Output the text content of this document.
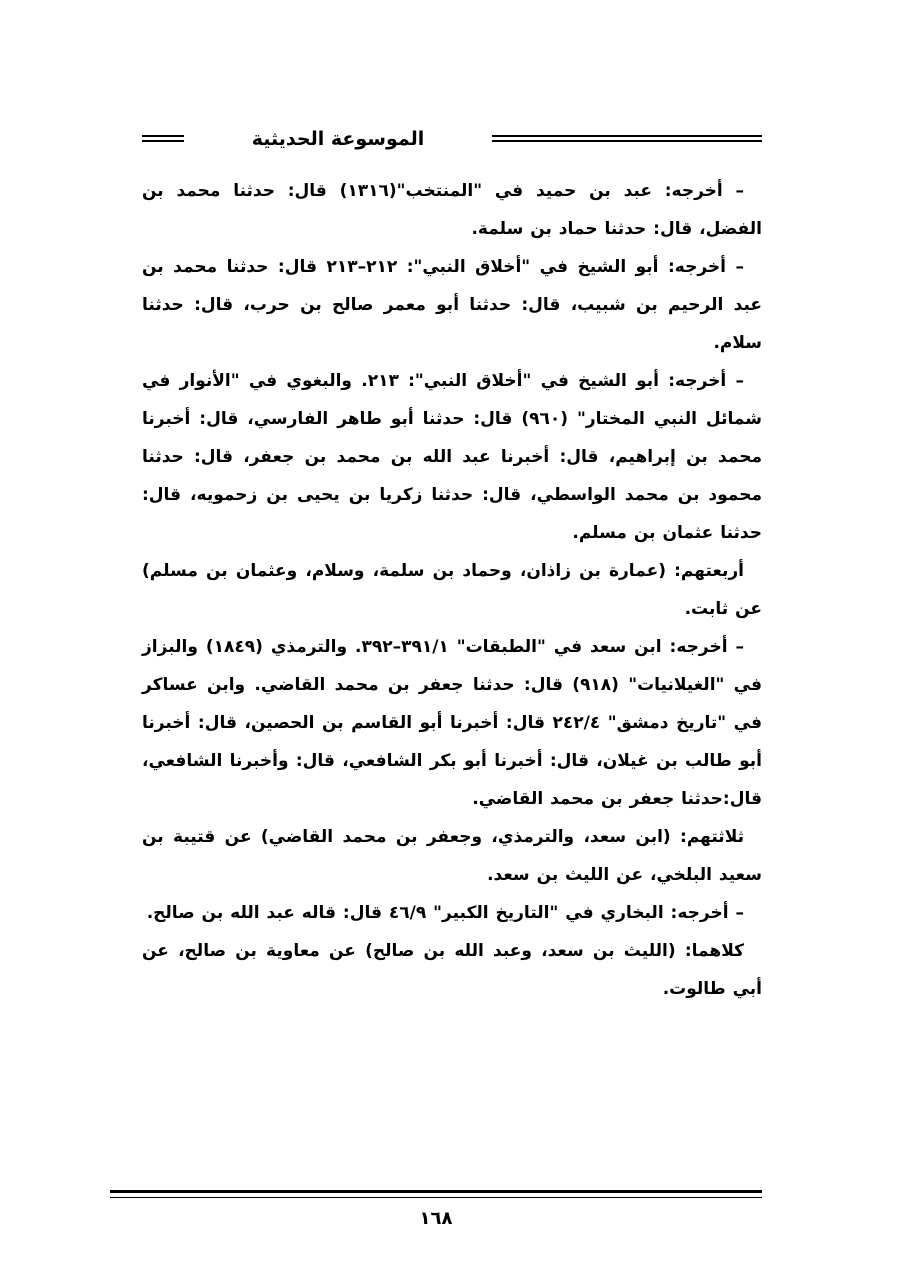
الموسوعة الحديثية

– أخرجه: عبد بن حميد في "المنتخب"(١٣١٦) قال: حدثنا محمد بن الفضل، قال: حدثنا حماد بن سلمة.

– أخرجه: أبو الشيخ في "أخلاق النبي": ٢١٢–٢١٣ قال: حدثنا محمد بن عبد الرحيم بن شبيب، قال: حدثنا أبو معمر صالح بن حرب، قال: حدثنا سلام.

– أخرجه: أبو الشيخ في "أخلاق النبي": ٢١٣. والبغوي في "الأنوار في شمائل النبي المختار" (٩٦٠) قال: حدثنا أبو طاهر الفارسي، قال: أخبرنا محمد بن إبراهيم، قال: أخبرنا عبد الله بن محمد بن جعفر، قال: حدثنا محمود بن محمد الواسطي، قال: حدثنا زكريا بن يحيى بن زحمويه، قال: حدثنا عثمان بن مسلم.

أربعتهم: (عمارة بن زاذان، وحماد بن سلمة، وسلام، وعثمان بن مسلم) عن ثابت.

– أخرجه: ابن سعد في "الطبقات" ٣٩١/١–٣٩٢. والترمذي (١٨٤٩) والبزاز في "الغيلانيات" (٩١٨) قال: حدثنا جعفر بن محمد القاضي. وابن عساكر في "تاريخ دمشق" ٢٤٢/٤ قال: أخبرنا أبو القاسم بن الحصين، قال: أخبرنا أبو طالب بن غيلان، قال: أخبرنا أبو بكر الشافعي، قال: وأخبرنا الشافعي، قال:حدثنا جعفر بن محمد القاضي.

ثلاثتهم: (ابن سعد، والترمذي، وجعفر بن محمد القاضي) عن قتيبة بن سعيد البلخي، عن الليث بن سعد.

– أخرجه: البخاري في "التاريخ الكبير" ٤٦/٩ قال: قاله عبد الله بن صالح.

كلاهما: (الليث بن سعد، وعبد الله بن صالح) عن معاوية بن صالح، عن أبي طالوت.

١٦٨
